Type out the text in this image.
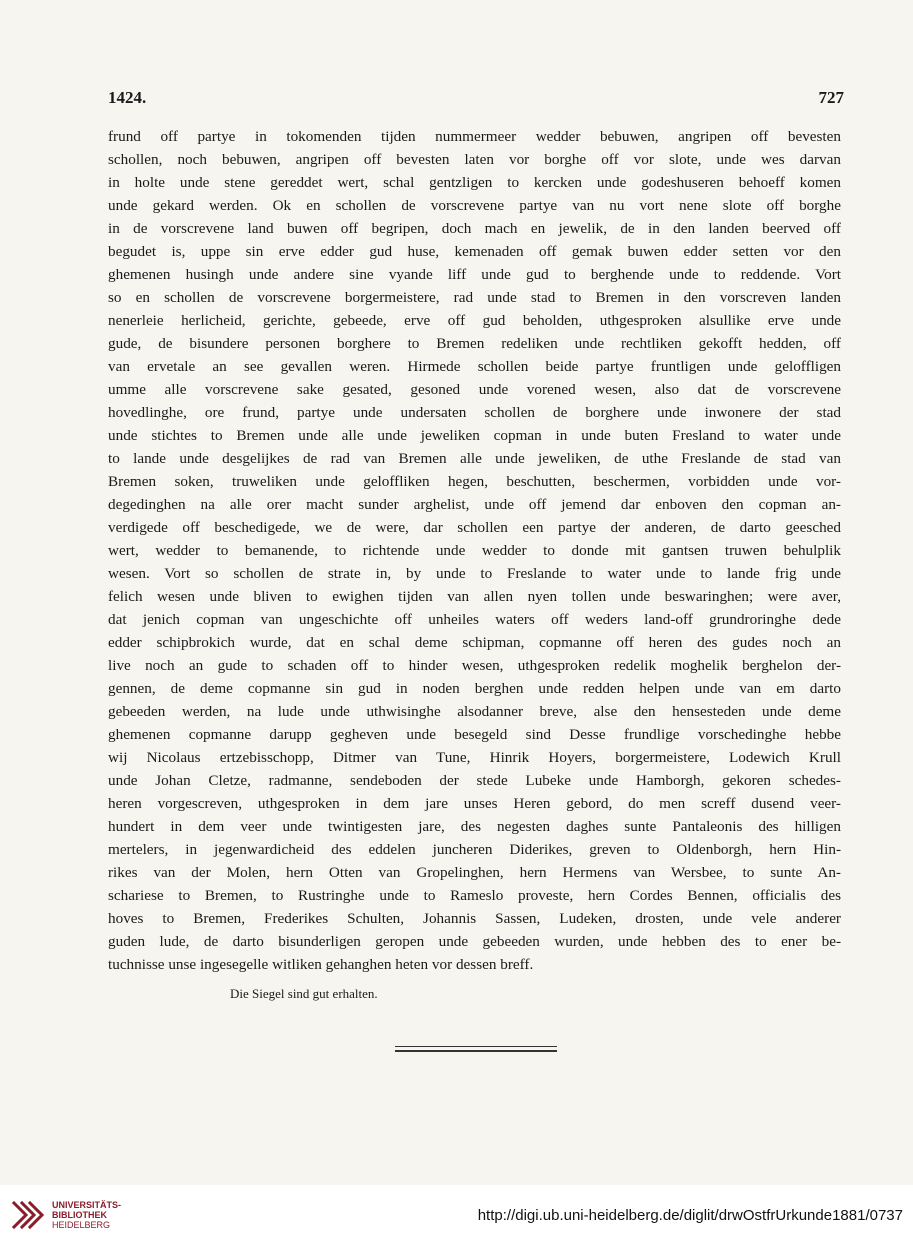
1424.	727
frund off partye in tokomenden tijden nummermeer wedder bebuwen, angripen off bevesten
schollen, noch bebuwen, angripen off bevesten laten vor borghe off vor slote, unde wes darvan
in holte unde stene gereddet wert, schal gentzligen to kercken unde godeshuseren behoeff komen
unde gekard werden. Ok en schollen de vorscrevene partye van nu vort nene slote off borghe
in de vorscrevene land buwen off begripen, doch mach en jewelik, de in den landen beerved off
begudet is, uppe sin erve edder gud huse, kemenaden off gemak buwen edder setten vor den
ghemenen husingh unde andere sine vyande liff unde gud to berghende unde to reddende. Vort
so en schollen de vorscrevene borgermeistere, rad unde stad to Bremen in den vorscreven landen
nenerleie herlicheid, gerichte, gebeede, erve off gud beholden, uthgesproken alsullike erve unde
gude, de bisundere personen borghere to Bremen redeliken unde rechtliken gekofft hedden, off
van ervetale an see gevallen weren. Hirmede schollen beide partye fruntligen unde geloffligen
umme alle vorscrevene sake gesated, gesoned unde vorened wesen, also dat de vorscrevene
hovedlinghe, ore frund, partye unde undersaten schollen de borghere unde inwonere der stad
unde stichtes to Bremen unde alle unde jeweliken copman in unde buten Fresland to water unde
to lande unde desgelijkes de rad van Bremen alle unde jeweliken, de uthe Freslande de stad van
Bremen soken, truweliken unde geloffliken hegen, beschutten, beschermen, vorbidden unde vor-
degedinghen na alle orer macht sunder arghelist, unde off jemend dar enboven den copman an-
verdigede off beschedigede, we de were, dar schollen een partye der anderen, de darto geesched
wert, wedder to bemanende, to richtende unde wedder to donde mit gantsen truwen behulplik
wesen. Vort so schollen de strate in, by unde to Freslande to water unde to lande frig unde
felich wesen unde bliven to ewighen tijden van allen nyen tollen unde beswaringhen; were aver,
dat jenich copman van ungeschichte off unheiles waters off weders land-off grundroringhe dede
edder schipbrokich wurde, dat en schal deme schipman, copmanne off heren des gudes noch an
live noch an gude to schaden off to hinder wesen, uthgesproken redelik moghelik berghelon der-
gennen, de deme copmanne sin gud in noden berghen unde redden helpen unde van em darto
gebeeden werden, na lude unde uthwisinghe alsodanner breve, alse den hensesteden unde deme
ghemenen copmanne darupp gegheven unde besegeld sind Desse frundlige vorschedinghe hebbe
wij Nicolaus ertzebisschopp, Ditmer van Tune, Hinrik Hoyers, borgermeistere, Lodewich Krull
unde Johan Cletze, radmanne, sendeboden der stede Lubeke unde Hamborgh, gekoren schedes-
heren vorgescreven, uthgesproken in dem jare unses Heren gebord, do men screff dusend veer-
hundert in dem veer unde twintigesten jare, des negesten daghes sunte Pantaleonis des hilligen
mertelers, in jegenwardicheid des eddelen juncheren Diderikes, greven to Oldenborgh, hern Hin-
rikes van der Molen, hern Otten van Gropelinghen, hern Hermens van Wersbee, to sunte An-
schariese to Bremen, to Rustringhe unde to Rameslo proveste, hern Cordes Bennen, officialis des
hoves to Bremen, Frederikes Schulten, Johannis Sassen, Ludeken, drosten, unde vele anderer
guden lude, de darto bisunderligen geropen unde gebeeden wurden, unde hebben des to ener be-
tuchnisse unse ingesegelle witliken gehanghen heten vor dessen breff.
Die Siegel sind gut erhalten.
UNIVERSITÄTS-
BIBLIOTHEK
HEIDELBERG
http://digi.ub.uni-heidelberg.de/diglit/drwOstfrUrkunde1881/0737
